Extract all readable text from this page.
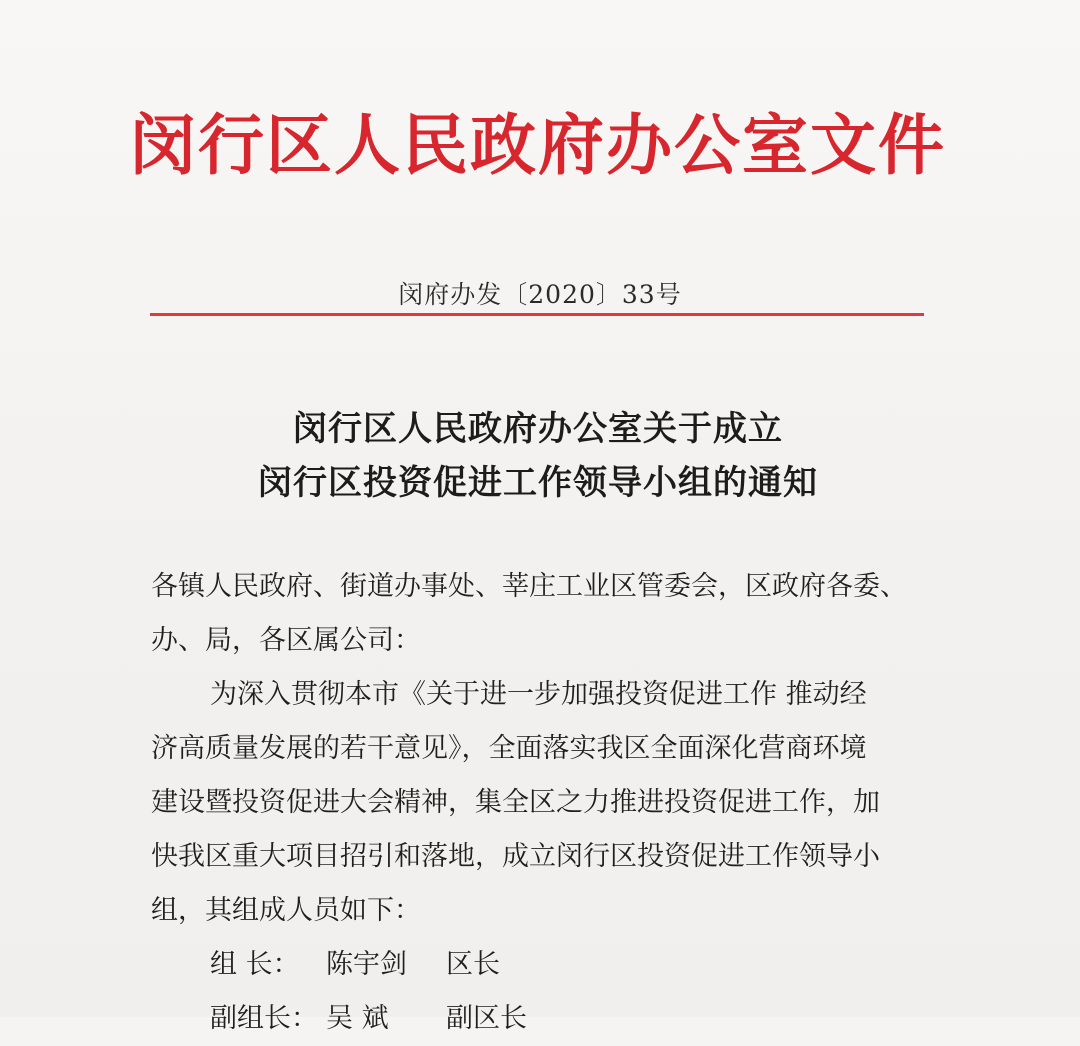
闵行区人民政府办公室文件
闵府办发〔2020〕33号
闵行区人民政府办公室关于成立
闵行区投资促进工作领导小组的通知
各镇人民政府、街道办事处、莘庄工业区管委会，区政府各委、
办、局，各区属公司：
为深入贯彻本市《关于进一步加强投资促进工作 推动经
济高质量发展的若干意见》，全面落实我区全面深化营商环境
建设暨投资促进大会精神，集全区之力推进投资促进工作，加
快我区重大项目招引和落地，成立闵行区投资促进工作领导小
组，其组成人员如下：
组 长： 陈宇剑 区长
副组长： 吴 斌 副区长
